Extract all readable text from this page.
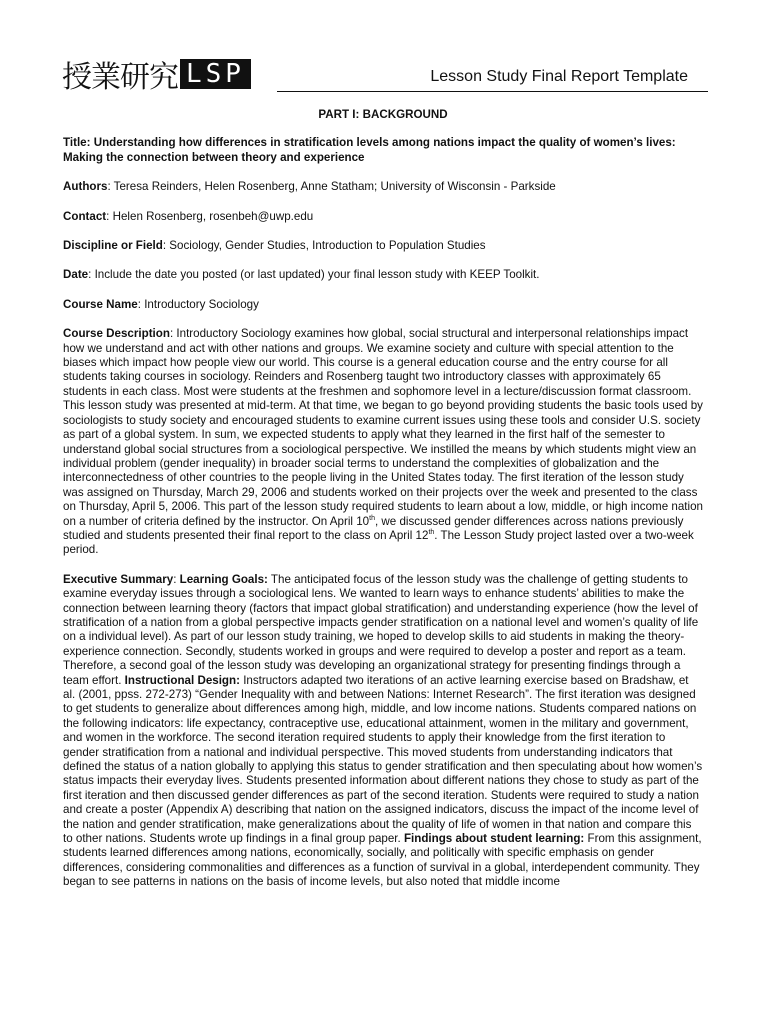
授業研究 LSP	Lesson Study Final Report Template
PART I: BACKGROUND

Title: Understanding how differences in stratification levels among nations impact the quality of women’s lives: Making the connection between theory and experience

Authors: Teresa Reinders, Helen Rosenberg, Anne Statham; University of Wisconsin - Parkside

Contact: Helen Rosenberg, rosenbeh@uwp.edu

Discipline or Field: Sociology, Gender Studies, Introduction to Population Studies

Date: Include the date you posted (or last updated) your final lesson study with KEEP Toolkit.

Course Name: Introductory Sociology

Course Description: Introductory Sociology examines how global, social structural and interpersonal relationships impact how we understand and act with other nations and groups. We examine society and culture with special attention to the biases which impact how people view our world. This course is a general education course and the entry course for all students taking courses in sociology. Reinders and Rosenberg taught two introductory classes with approximately 65 students in each class. Most were students at the freshmen and sophomore level in a lecture/discussion format classroom. This lesson study was presented at mid-term. At that time, we began to go beyond providing students the basic tools used by sociologists to study society and encouraged students to examine current issues using these tools and consider U.S. society as part of a global system. In sum, we expected students to apply what they learned in the first half of the semester to understand global social structures from a sociological perspective. We instilled the means by which students might view an individual problem (gender inequality) in broader social terms to understand the complexities of globalization and the interconnectedness of other countries to the people living in the United States today. The first iteration of the lesson study was assigned on Thursday, March 29, 2006 and students worked on their projects over the week and presented to the class on Thursday, April 5, 2006. This part of the lesson study required students to learn about a low, middle, or high income nation on a number of criteria defined by the instructor. On April 10th, we discussed gender differences across nations previously studied and students presented their final report to the class on April 12th. The Lesson Study project lasted over a two-week period.

Executive Summary: Learning Goals: The anticipated focus of the lesson study was the challenge of getting students to examine everyday issues through a sociological lens. We wanted to learn ways to enhance students’ abilities to make the connection between learning theory (factors that impact global stratification) and understanding experience (how the level of stratification of a nation from a global perspective impacts gender stratification on a national level and women’s quality of life on a individual level). As part of our lesson study training, we hoped to develop skills to aid students in making the theory-experience connection. Secondly, students worked in groups and were required to develop a poster and report as a team. Therefore, a second goal of the lesson study was developing an organizational strategy for presenting findings through a team effort. Instructional Design: Instructors adapted two iterations of an active learning exercise based on Bradshaw, et al. (2001, ppss. 272-273) “Gender Inequality with and between Nations: Internet Research”. The first iteration was designed to get students to generalize about differences among high, middle, and low income nations. Students compared nations on the following indicators: life expectancy, contraceptive use, educational attainment, women in the military and government, and women in the workforce. The second iteration required students to apply their knowledge from the first iteration to gender stratification from a national and individual perspective. This moved students from understanding indicators that defined the status of a nation globally to applying this status to gender stratification and then speculating about how women’s status impacts their everyday lives. Students presented information about different nations they chose to study as part of the first iteration and then discussed gender differences as part of the second iteration. Students were required to study a nation and create a poster (Appendix A) describing that nation on the assigned indicators, discuss the impact of the income level of the nation and gender stratification, make generalizations about the quality of life of women in that nation and compare this to other nations. Students wrote up findings in a final group paper. Findings about student learning: From this assignment, students learned differences among nations, economically, socially, and politically with specific emphasis on gender differences, considering commonalities and differences as a function of survival in a global, interdependent community. They began to see patterns in nations on the basis of income levels, but also noted that middle income
